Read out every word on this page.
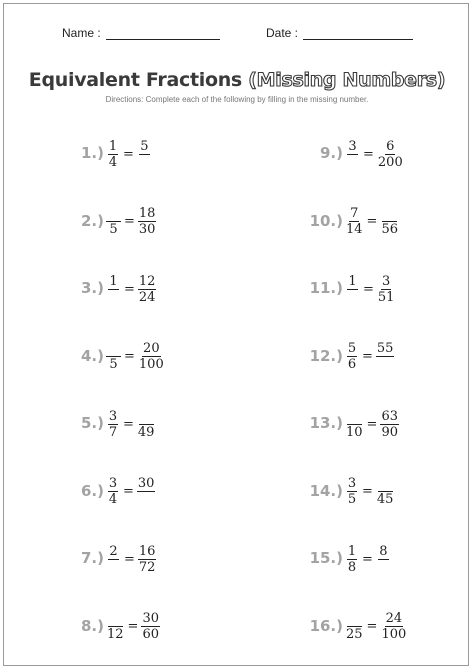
Name :	Date :
Equivalent Fractions (Missing Numbers)
Directions: Complete each of the following by filling in the missing number.
$1.) \frac{1}{4}$ =
5
2.) 5
= $\frac{18}{30}$
3.) 1
= $\frac{12}{24}$
4.) 5
= $\frac{20}{100}$
$5.) \frac{3}{7}$ =
49
$6.) \frac{3}{4}$ =
30
7.) 2
= $\frac{16}{72}$
8.) 12
= $\frac{30}{60}$
9.) 3
= $\frac{6}{200}$
$10.) \frac{7}{14}$ =
56
11.) 1
= $\frac{3}{51}$
$12.) \frac{5}{6}$ =
55
13.) 10
= $\frac{63}{90}$
$14.) \frac{3}{5}$ =
45
$15.) \frac{1}{8}$ =
8
16.) 25
= $\frac{24}{100}$
